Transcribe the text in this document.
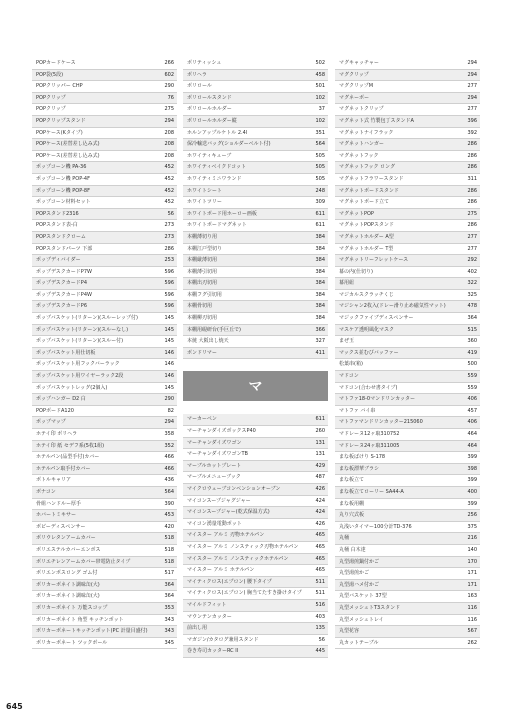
POPカードケース	266
POP袋(5段)	602
POPクリッパー CHP	290
POPクリップ	76
POPクリップ	275
POPクリップスタンド	294
POPケース(Kタイプ)	208
POPケース(差替差し込み式)	208
POPケース(差替差し込み式)	208
ポップコーン機 PA-36	452
ポップコーン機 POP-4F	452
ポップコーン機 POP-8F	452
ポップコーン材料セット	452
POPスタンド2316	56
POPスタンド表-白	273
POPスタンドクローム	273
POPスタンドパーツ 下部	286
ポップディバイダー	253
ポップデスクカードP7W	596
ポップデスクカードP4	596
ポップデスクカードP4W	596
ポップデスクカードP6	596
ポップバスケット(リターン)(スルーレップ付)	145
ポップバスケット(リターン)(スルーなし)	145
ポップバスケット(リターン)(スルー付)	145
ポップバスケット用仕切板	146
ポップバスケット用フックバーラック	146
ポップバスケット用ワイヤーラック2段	146
ポップバスケットレッグ(2個入)	145
ポップハンガー D2 白	290
POPボードA120	82
ポップマップ	294
ホテイ印 ボリヘラ	358
ホテイ印 紙 セデフ系(5枚1組)	352
ホテルパン(品型手付)カバー	466
ホテルパン取手付カバー	466
ボトルキャリア	436
ボナコン	564
骨組ハンドルー厚手	390
ホバートミキサー	453
ボビーディスペンサー	420
ボリウレタンアームカバー	518
ボリエステルカバーエンボス	518
ボリエチレンアームカバー帯電防止タイプ	518
ボリエンボスロング ゴム付	517
ボリカーボネイト調味缶(大)	364
ボリカーボネイト調味缶(大)	364
ボリカーボネイト 万能スコップ	353
ボリカーボネイト 角型 キッチンポット	343
ボリカーボネートキッチンポット(PC 計量目盛付)	343
ボリカーボネート ツックボール	345
ボリティッシュ	502
ボリヘラ	458
ボリロール	501
ボリロールスタンド	102
ボリロールホルダー	37
ボリロールホルダー縦	102
ホルンアップルケトル 2.4l	351
保冷輸送バッグ(ショルダーベルト付)	564
ホワイティキューブ	505
ホワイティベイクドコット	505
ホワイティミニワランド	505
ホワイトシート	248
ホワイトツリー	309
ホワイトボード用ホーロー画板	611
ホワイトボードマグネット	611
本棚薄切り用	384
本棚江戸型切り	384
本棚厳薄切用	384
本棚薄引切用	384
本棚出刃切用	384
本棚フグ引切用	384
本棚骨切用	384
本棚柳刃切用	384
本棚用硯研台(手巨丘で)	366
本焼 大阪出し焼天	327
ボンドリマー	411
マ
マーカーペン	611
マーチャンダイズボックスP40	260
マーチャンダイズワゴン	131
マーチャンダイズワゴンTB	131
マーブルホットプレート	429
マーブルメニューブック	487
マイクロウェーブコンベンションオーブン	426
マイコンスープジャグジャー	424
マイコンスープジャー(乾式保温方式)	424
マイコン湧量電動ポット	426
マイスター アルミ 刃物ホテルパン	465
マイスター アルミ ノンスティック刃物ホテルパン	465
マイスター アルミ ノンスティックホテルパン	465
マイスター アルミ ホテルパン	465
マイティクロス(エプロン) 腰下タイプ	511
マイティクロス(エプロン) 胸当てたすき掛けタイプ	511
マイルドフィット	516
マウンテンカッター	403
前出し用	135
マガジン/カタログ兼用スタンド	56
巻き寿司カッターRC II	445
マグキャッチャー	294
マグクリップ	294
マグクリップM	277
マグネーボー	294
マグネットクリップ	277
マグネット式 竹製包丁スタンドA	396
マグネットナイフラック	392
マグネットハンガー	286
マグネットフック	286
マグネットフック ロング	286
マグネットフラワースタンド	311
マグネットボードスタンド	286
マグネットボード立て	286
マグネットPOP	275
マグネットPOPスタンド	286
マグネットホルダー A型	277
マグネットホルダー T型	277
マグネットリーフレットケース	292
幕の内(仕切り)	402
幕用紐	322
マジカルスクラッチくじ	325
マジシャン2枚入(ドレー滑り止め磁気性マット)	478
マジックファイブディスペンサー	364
マスケア透明風化マスク	515
まぜ玉	360
マックス並むびバッファー	419
松葉串(箱)	500
マドコン	559
マドコン(合わせ書タイプ)	559
マトファ18-0マンドリンカッター	406
マトファ バイ串	457
マトファマンドリンカッター215060	406
マドレーヌ12ヶ取310752	464
マドレーヌ24ヶ取311005	464
まな板ばけり S-178	399
まな板漂華ブラシ	398
まな板立て	399
まな板立てローリー SA44-A	400
まな板用棚	399
丸り穴式板	256
丸浅いタイマー100分計TD-376	375
丸桶	216
丸桶 白木達	140
丸型湯煎鍋付かご	170
丸型湯煎かご	171
丸型湯ハメ付かご	171
丸型バスケット 37型	163
丸型メッシュトT3スタンド	116
丸型メッシュトレイ	116
丸型花容	567
丸カットテーブル	262
645
